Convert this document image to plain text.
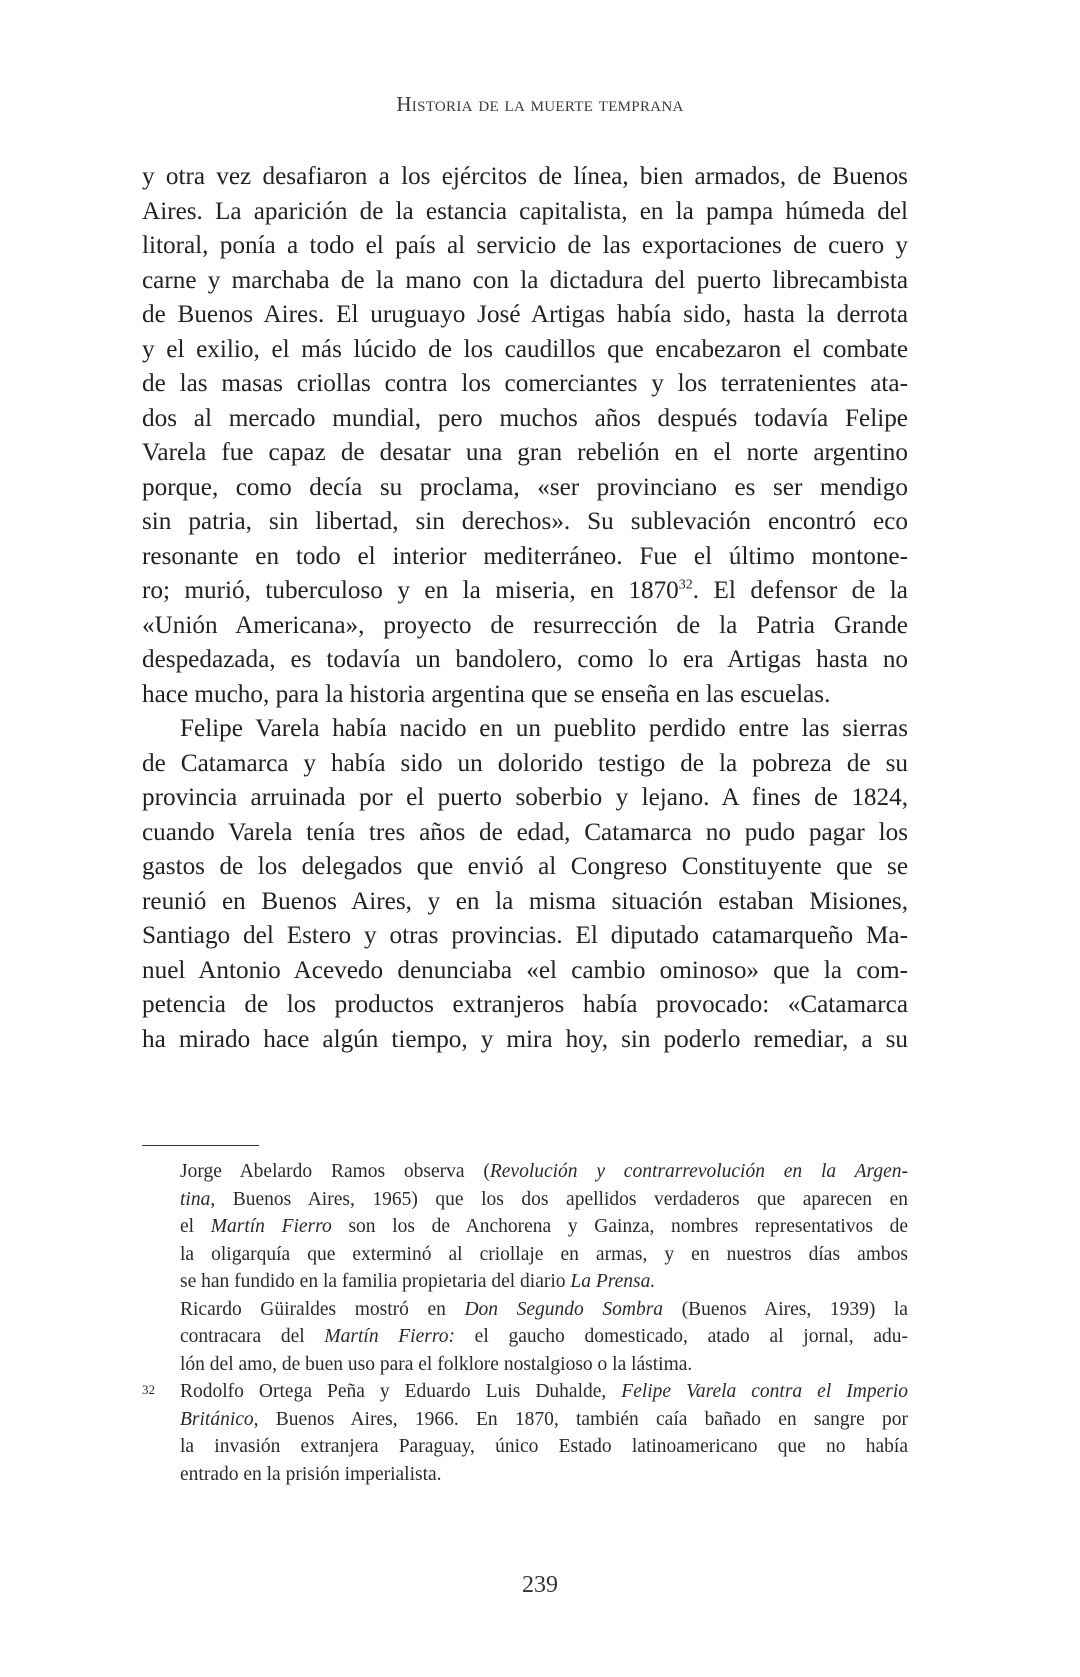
Historia de la muerte temprana

y otra vez desafiaron a los ejércitos de línea, bien armados, de Buenos
Aires. La aparición de la estancia capitalista, en la pampa húmeda del
litoral, ponía a todo el país al servicio de las exportaciones de cuero y
carne y marchaba de la mano con la dictadura del puerto librecambista
de Buenos Aires. El uruguayo José Artigas había sido, hasta la derrota
y el exilio, el más lúcido de los caudillos que encabezaron el combate
de las masas criollas contra los comerciantes y los terratenientes ata-
dos al mercado mundial, pero muchos años después todavía Felipe
Varela fue capaz de desatar una gran rebelión en el norte argentino
porque, como decía su proclama, «ser provinciano es ser mendigo
sin patria, sin libertad, sin derechos». Su sublevación encontró eco
resonante en todo el interior mediterráneo. Fue el último montone-
ro; murió, tuberculoso y en la miseria, en 1870$^{32}$. El defensor de la
«Unión Americana», proyecto de resurrección de la Patria Grande
despedazada, es todavía un bandolero, como lo era Artigas hasta no
hace mucho, para la historia argentina que se enseña en las escuelas.

Felipe Varela había nacido en un pueblito perdido entre las sierras
de Catamarca y había sido un dolorido testigo de la pobreza de su
provincia arruinada por el puerto soberbio y lejano. A fines de 1824,
cuando Varela tenía tres años de edad, Catamarca no pudo pagar los
gastos de los delegados que envió al Congreso Constituyente que se
reunió en Buenos Aires, y en la misma situación estaban Misiones,
Santiago del Estero y otras provincias. El diputado catamarqueño Ma-
nuel Antonio Acevedo denunciaba «el cambio ominoso» que la com-
petencia de los productos extranjeros había provocado: «Catamarca
ha mirado hace algún tiempo, y mira hoy, sin poderlo remediar, a su

Jorge Abelardo Ramos observa (Revolución y contrarrevolución en la Argen-
tina, Buenos Aires, 1965) que los dos apellidos verdaderos que aparecen en
el Martín Fierro son los de Anchorena y Gainza, nombres representativos de
la oligarquía que exterminó al criollaje en armas, y en nuestros días ambos
se han fundido en la familia propietaria del diario La Prensa.
Ricardo Güiraldes mostró en Don Segundo Sombra (Buenos Aires, 1939) la
contracara del Martín Fierro: el gaucho domesticado, atado al jornal, adu-
lón del amo, de buen uso para el folklore nostalgioso o la lástima.
32 Rodolfo Ortega Peña y Eduardo Luis Duhalde, Felipe Varela contra el Imperio
Británico, Buenos Aires, 1966. En 1870, también caía bañado en sangre por
la invasión extranjera Paraguay, único Estado latinoamericano que no había
entrado en la prisión imperialista.
239
